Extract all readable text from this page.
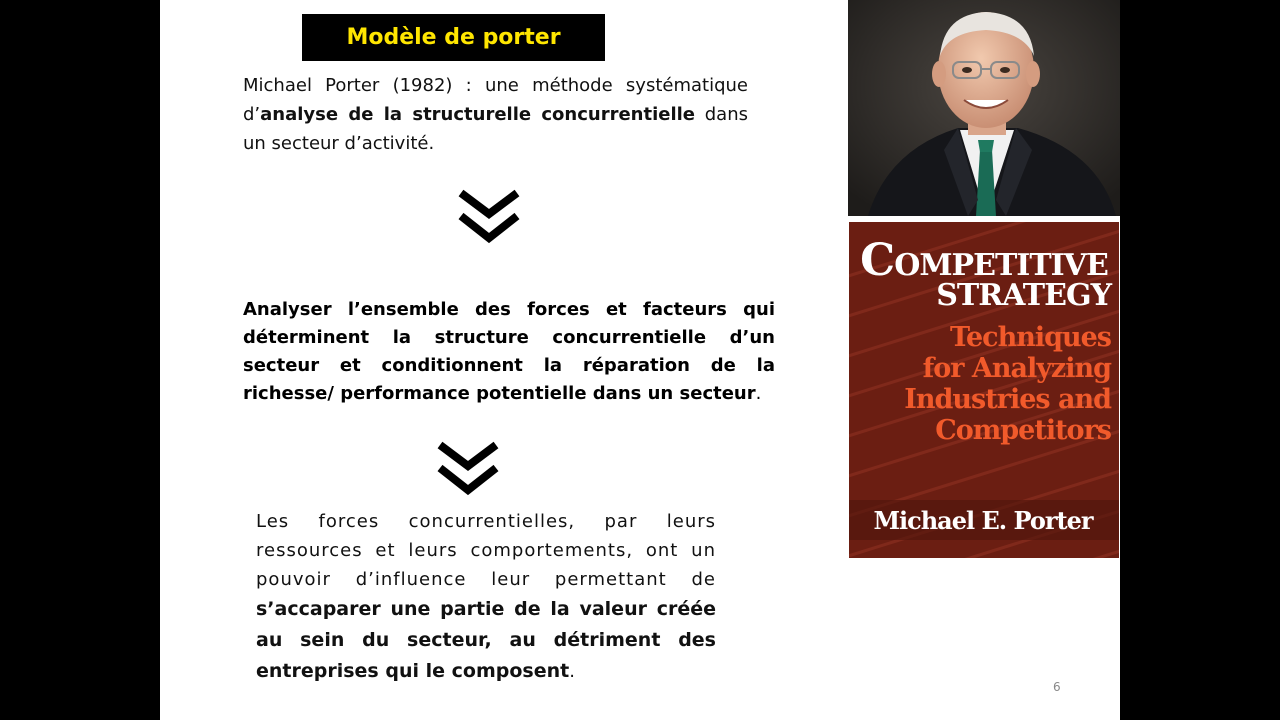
Modèle de porter
Michael Porter (1982) : une méthode systématique d’analyse de la structurelle concurrentielle dans un secteur d’activité.
Analyser l’ensemble des forces et facteurs qui déterminent la structure concurrentielle d’un secteur et conditionnent la réparation de la richesse/ performance potentielle dans un secteur.
Les forces concurrentielles, par leurs ressources et leurs comportements, ont un pouvoir d’influence leur permettant de s’accaparer une partie de la valeur créée au sein du secteur, au détriment des entreprises qui le composent.
COMPETITIVE
STRATEGY
Techniques
for Analyzing
Industries and
Competitors
Michael E. Porter
6
